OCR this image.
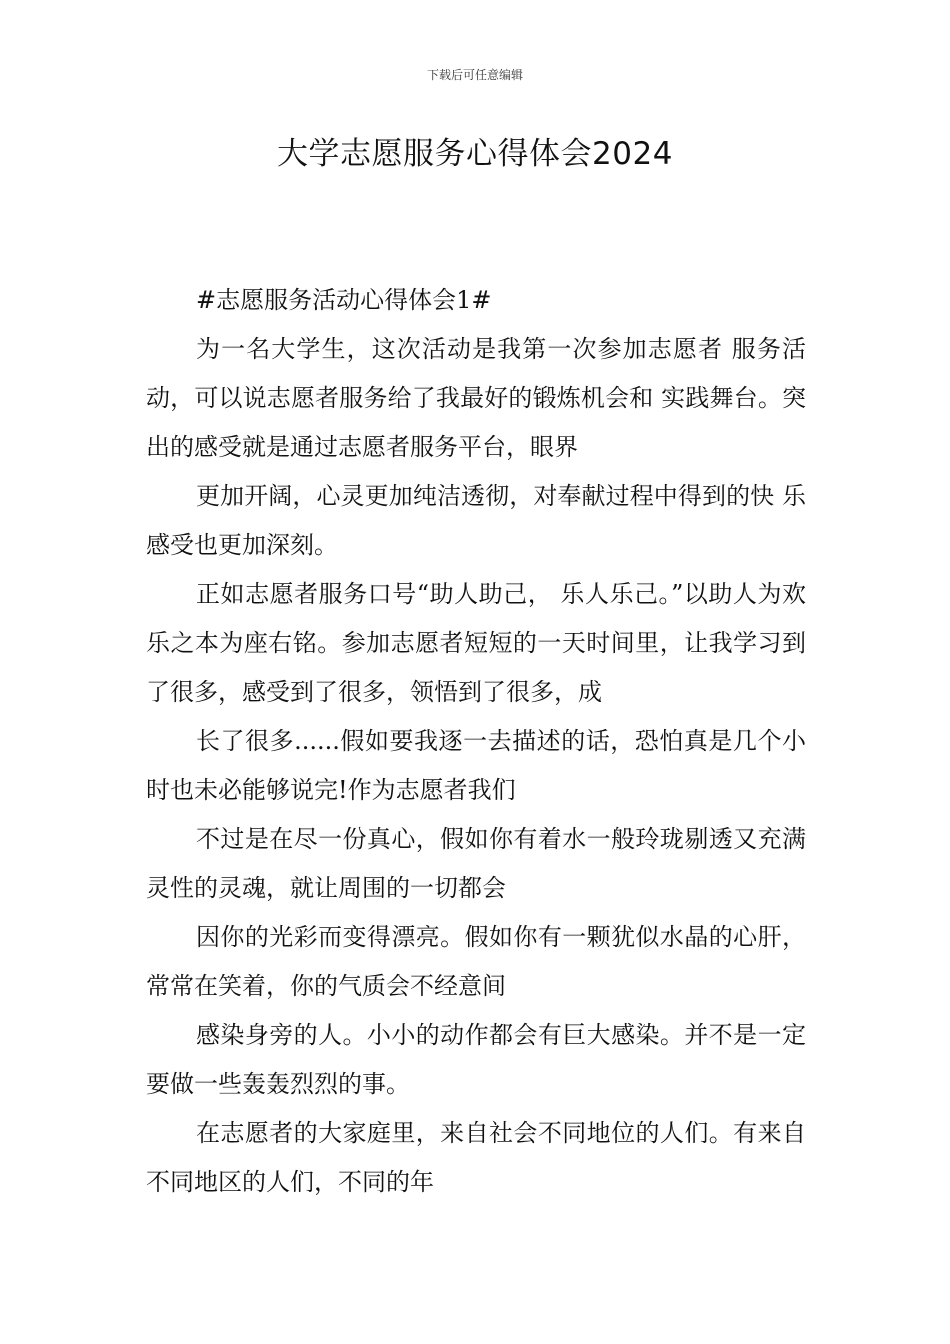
下载后可任意编辑
大学志愿服务心得体会2024

#志愿服务活动心得体会1#

为一名大学生，这次活动是我第一次参加志愿者 服务活动，可以说志愿者服务给了我最好的锻炼机会和 实践舞台。突出的感受就是通过志愿者服务平台，眼界

更加开阔，心灵更加纯洁透彻，对奉献过程中得到的快 乐感受也更加深刻。

正如志愿者服务口号“助人助己， 乐人乐己。”以助人为欢乐之本为座右铭。参加志愿者短短的一天时间里，让我学习到了很多，感受到了很多，领悟到了很多，成

长了很多......假如要我逐一去描述的话，恐怕真是几个小时也未必能够说完!作为志愿者我们

不过是在尽一份真心，假如你有着水一般玲珑剔透又充满灵性的灵魂，就让周围的一切都会

因你的光彩而变得漂亮。假如你有一颗犹似水晶的心肝，常常在笑着，你的气质会不经意间

感染身旁的人。小小的动作都会有巨大感染。并不是一定要做一些轰轰烈烈的事。

在志愿者的大家庭里，来自社会不同地位的人们。有来自不同地区的人们，不同的年
